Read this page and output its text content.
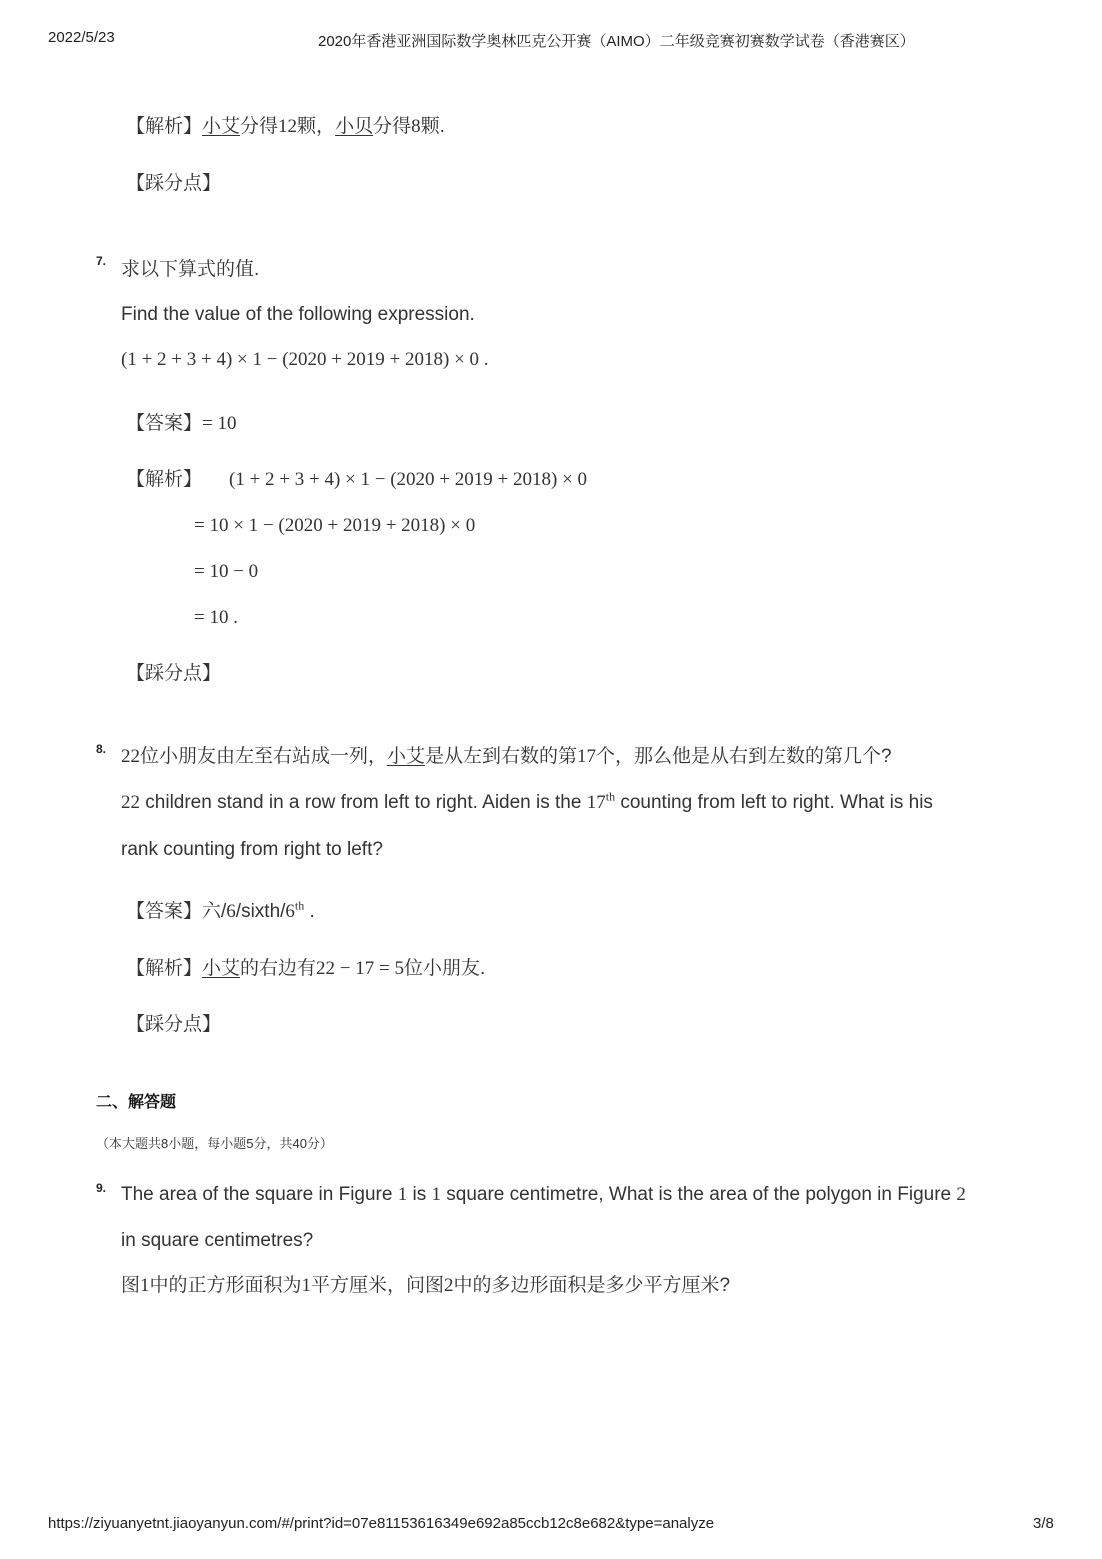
2022/5/23	2020年香港亚洲国际数学奥林匹克公开赛（AIMO）二年级竞赛初赛数学试卷（香港赛区）
【解析】小艾分得12颗，小贝分得8颗.
【踩分点】
7. 求以下算式的值.
Find the value of the following expression.
(1 + 2 + 3 + 4) × 1 − (2020 + 2019 + 2018) × 0 .
【答案】= 10
【解析】 (1 + 2 + 3 + 4) × 1 − (2020 + 2019 + 2018) × 0
= 10 × 1 − (2020 + 2019 + 2018) × 0
= 10 − 0
= 10 .
【踩分点】
8. 22位小朋友由左至右站成一列，小艾是从左到右数的第17个，那么他是从右到左数的第几个?
22 children stand in a row from left to right. Aiden is the 17th counting from left to right. What is his
rank counting from right to left?
【答案】六/6/sixth/6th .
【解析】小艾的右边有22 − 17 = 5位小朋友.
【踩分点】
二、解答题
（本大题共8小题，每小题5分，共40分）
9. The area of the square in Figure 1 is 1 square centimetre, What is the area of the polygon in Figure 2
in square centimetres?
图1中的正方形面积为1平方厘米，问图2中的多边形面积是多少平方厘米?
https://ziyuanyetnt.jiaoyanyun.com/#/print?id=07e81153616349e692a85ccb12c8e682&type=analyze	3/8
